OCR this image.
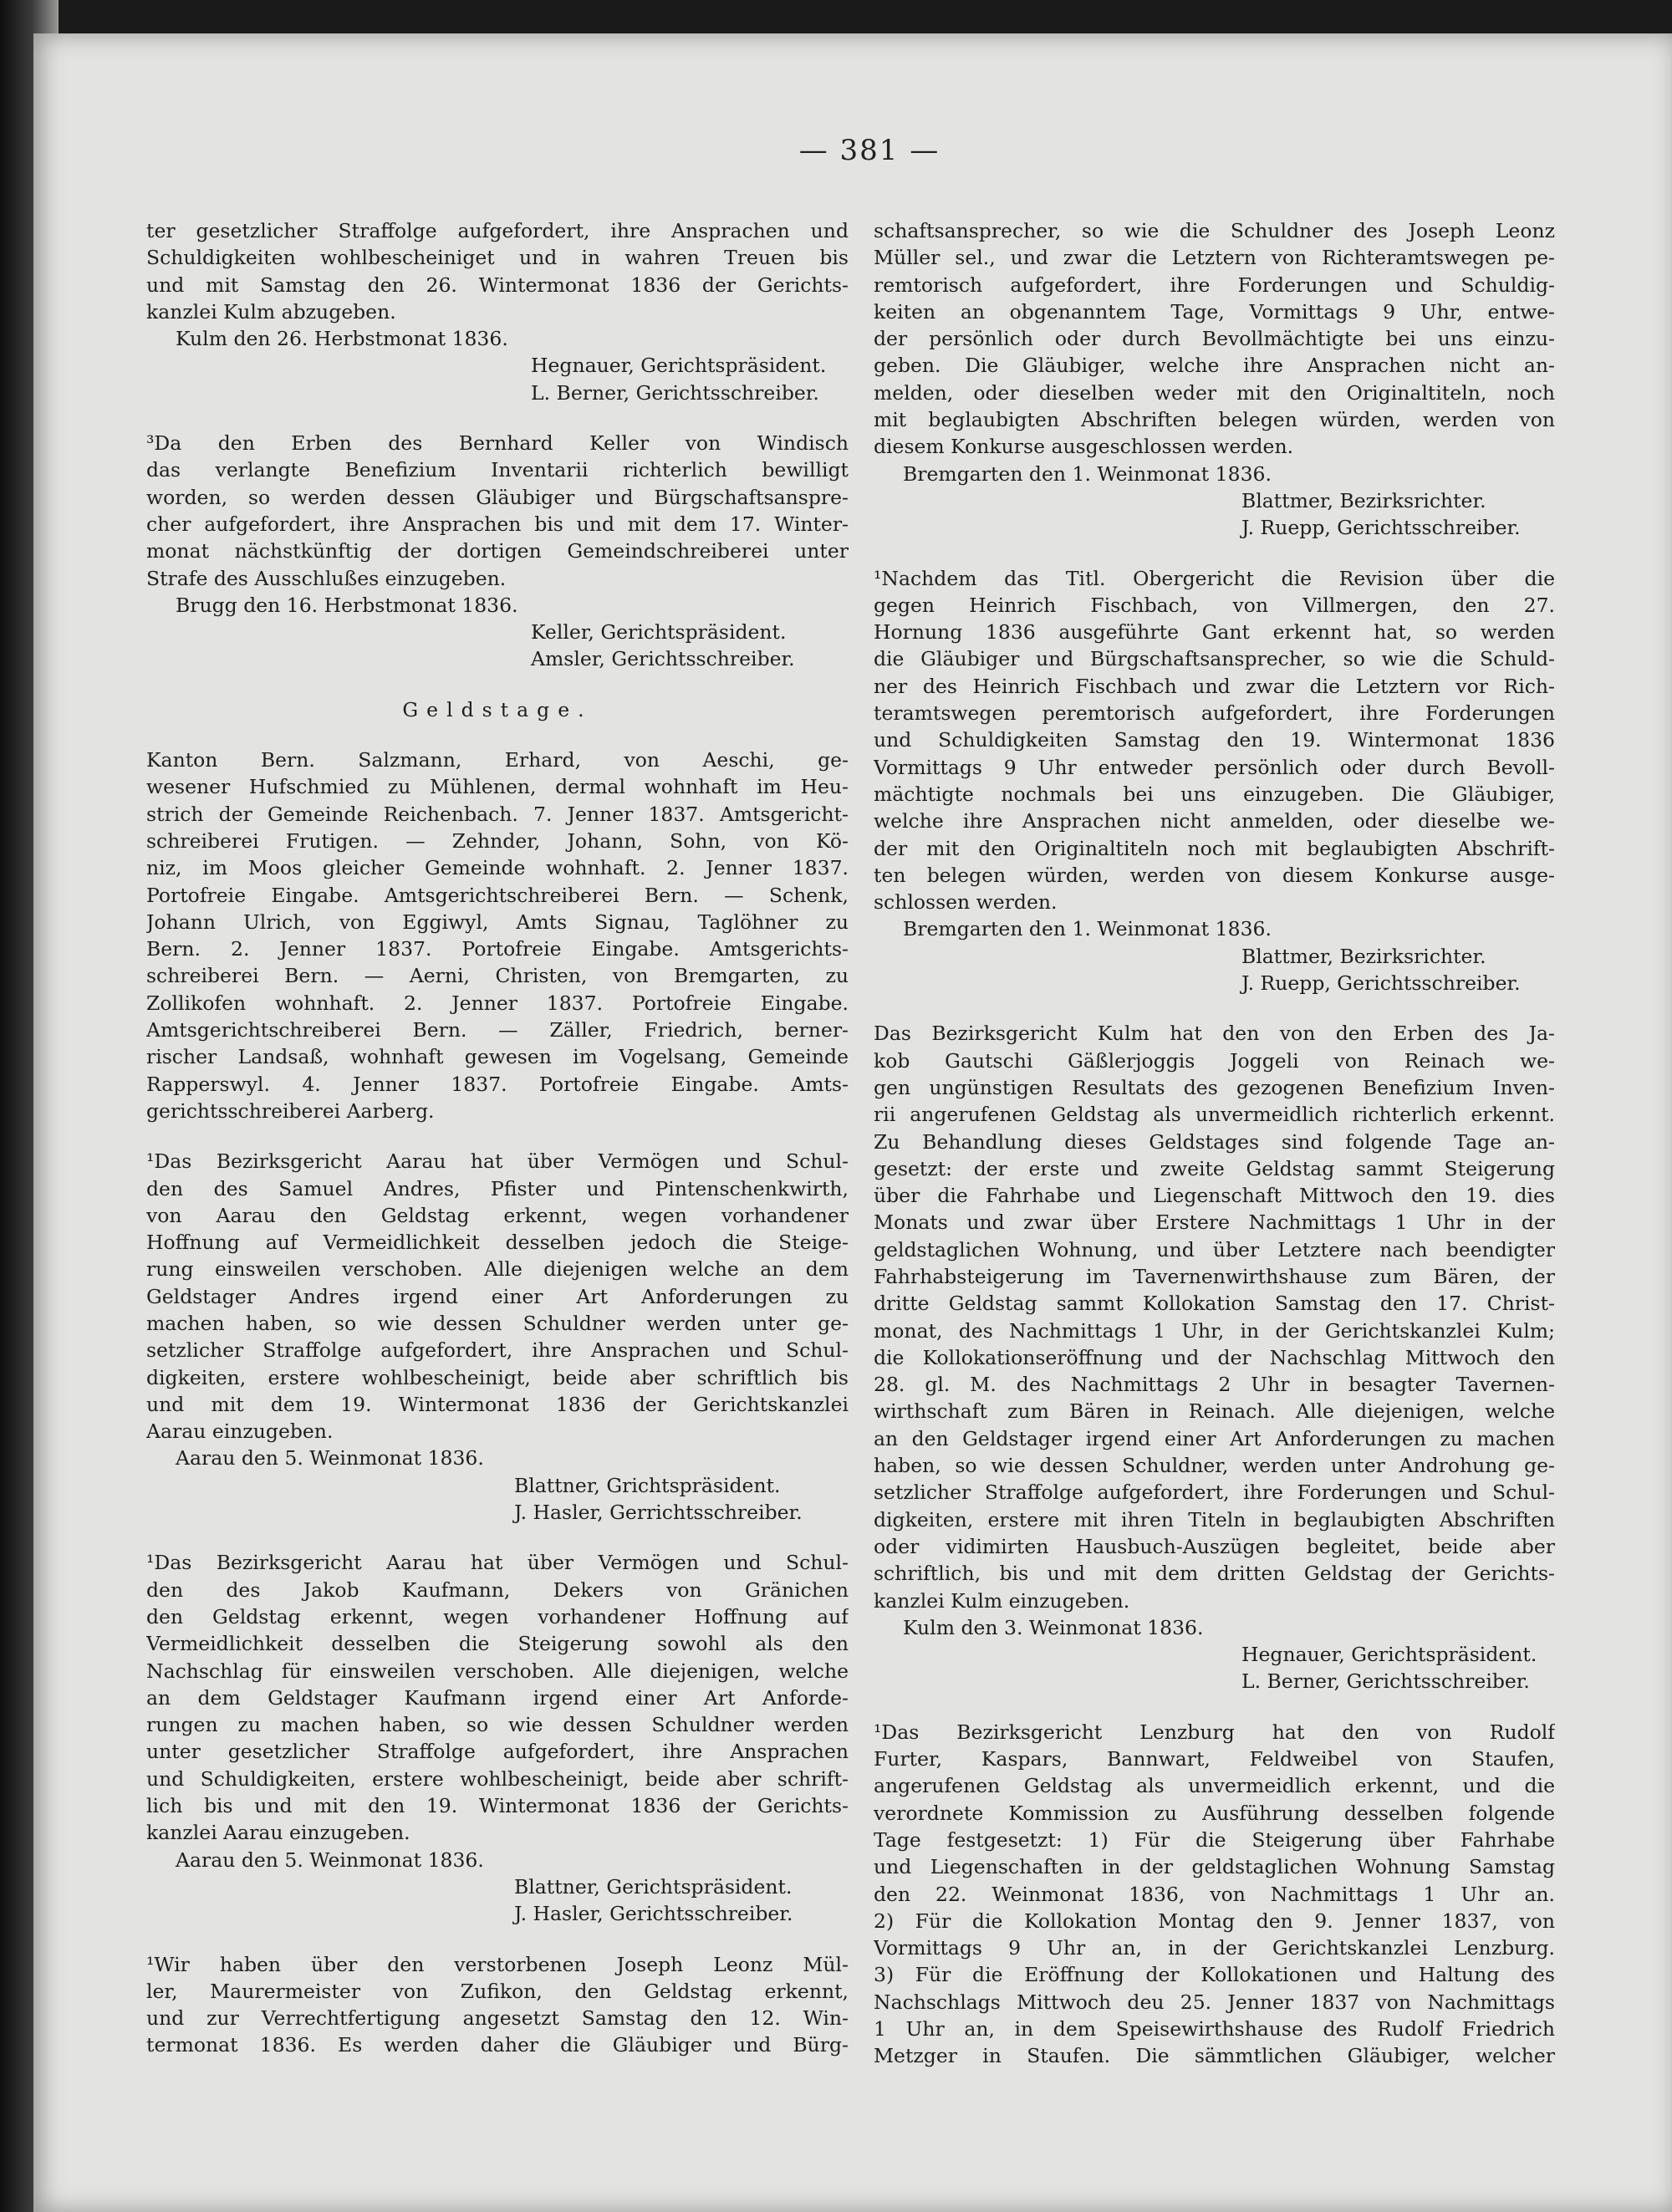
— 381 —
ter gesetzlicher Straffolge aufgefordert, ihre Ansprachen und
Schuldigkeiten wohlbescheiniget und in wahren Treuen bis
und mit Samstag den 26. Wintermonat 1836 der Gerichts-
kanzlei Kulm abzugeben.
Kulm den 26. Herbstmonat 1836.
Hegnauer, Gerichtspräsident.
L. Berner, Gerichtsschreiber.
³Da den Erben des Bernhard Keller von Windisch
das verlangte Benefizium Inventarii richterlich bewilligt
worden, so werden dessen Gläubiger und Bürgschaftsanspre-
cher aufgefordert, ihre Ansprachen bis und mit dem 17. Winter-
monat nächstkünftig der dortigen Gemeindschreiberei unter
Strafe des Ausschlußes einzugeben.
Brugg den 16. Herbstmonat 1836.
Keller, Gerichtspräsident.
Amsler, Gerichtsschreiber.
Geldstage.
Kanton Bern. Salzmann, Erhard, von Aeschi, ge-
wesener Hufschmied zu Mühlenen, dermal wohnhaft im Heu-
strich der Gemeinde Reichenbach. 7. Jenner 1837. Amtsgericht-
schreiberei Frutigen. — Zehnder, Johann, Sohn, von Kö-
niz, im Moos gleicher Gemeinde wohnhaft. 2. Jenner 1837.
Portofreie Eingabe. Amtsgerichtschreiberei Bern. — Schenk,
Johann Ulrich, von Eggiwyl, Amts Signau, Taglöhner zu
Bern. 2. Jenner 1837. Portofreie Eingabe. Amtsgerichts-
schreiberei Bern. — Aerni, Christen, von Bremgarten, zu
Zollikofen wohnhaft. 2. Jenner 1837. Portofreie Eingabe.
Amtsgerichtschreiberei Bern. — Zäller, Friedrich, berner-
rischer Landsaß, wohnhaft gewesen im Vogelsang, Gemeinde
Rapperswyl. 4. Jenner 1837. Portofreie Eingabe. Amts-
gerichtsschreiberei Aarberg.
¹Das Bezirksgericht Aarau hat über Vermögen und Schul-
den des Samuel Andres, Pfister und Pintenschenkwirth,
von Aarau den Geldstag erkennt, wegen vorhandener
Hoffnung auf Vermeidlichkeit desselben jedoch die Steige-
rung einsweilen verschoben. Alle diejenigen welche an dem
Geldstager Andres irgend einer Art Anforderungen zu
machen haben, so wie dessen Schuldner werden unter ge-
setzlicher Straffolge aufgefordert, ihre Ansprachen und Schul-
digkeiten, erstere wohlbescheinigt, beide aber schriftlich bis
und mit dem 19. Wintermonat 1836 der Gerichtskanzlei
Aarau einzugeben.
Aarau den 5. Weinmonat 1836.
Blattner, Grichtspräsident.
J. Hasler, Gerrichtsschreiber.
¹Das Bezirksgericht Aarau hat über Vermögen und Schul-
den des Jakob Kaufmann, Dekers von Gränichen
den Geldstag erkennt, wegen vorhandener Hoffnung auf
Vermeidlichkeit desselben die Steigerung sowohl als den
Nachschlag für einsweilen verschoben. Alle diejenigen, welche
an dem Geldstager Kaufmann irgend einer Art Anforde-
rungen zu machen haben, so wie dessen Schuldner werden
unter gesetzlicher Straffolge aufgefordert, ihre Ansprachen
und Schuldigkeiten, erstere wohlbescheinigt, beide aber schrift-
lich bis und mit den 19. Wintermonat 1836 der Gerichts-
kanzlei Aarau einzugeben.
Aarau den 5. Weinmonat 1836.
Blattner, Gerichtspräsident.
J. Hasler, Gerichtsschreiber.
¹Wir haben über den verstorbenen Joseph Leonz Mül-
ler, Maurermeister von Zufikon, den Geldstag erkennt,
und zur Verrechtfertigung angesetzt Samstag den 12. Win-
termonat 1836. Es werden daher die Gläubiger und Bürg-
schaftsansprecher, so wie die Schuldner des Joseph Leonz
Müller sel., und zwar die Letztern von Richteramtswegen pe-
remtorisch aufgefordert, ihre Forderungen und Schuldig-
keiten an obgenanntem Tage, Vormittags 9 Uhr, entwe-
der persönlich oder durch Bevollmächtigte bei uns einzu-
geben. Die Gläubiger, welche ihre Ansprachen nicht an-
melden, oder dieselben weder mit den Originaltiteln, noch
mit beglaubigten Abschriften belegen würden, werden von
diesem Konkurse ausgeschlossen werden.
Bremgarten den 1. Weinmonat 1836.
Blattmer, Bezirksrichter.
J. Ruepp, Gerichtsschreiber.
¹Nachdem das Titl. Obergericht die Revision über die
gegen Heinrich Fischbach, von Villmergen, den 27.
Hornung 1836 ausgeführte Gant erkennt hat, so werden
die Gläubiger und Bürgschaftsansprecher, so wie die Schuld-
ner des Heinrich Fischbach und zwar die Letztern vor Rich-
teramtswegen peremtorisch aufgefordert, ihre Forderungen
und Schuldigkeiten Samstag den 19. Wintermonat 1836
Vormittags 9 Uhr entweder persönlich oder durch Bevoll-
mächtigte nochmals bei uns einzugeben. Die Gläubiger,
welche ihre Ansprachen nicht anmelden, oder dieselbe we-
der mit den Originaltiteln noch mit beglaubigten Abschrift-
ten belegen würden, werden von diesem Konkurse ausge-
schlossen werden.
Bremgarten den 1. Weinmonat 1836.
Blattmer, Bezirksrichter.
J. Ruepp, Gerichtsschreiber.
Das Bezirksgericht Kulm hat den von den Erben des Ja-
kob Gautschi Gäßlerjoggis Joggeli von Reinach we-
gen ungünstigen Resultats des gezogenen Benefizium Inven-
rii angerufenen Geldstag als unvermeidlich richterlich erkennt.
Zu Behandlung dieses Geldstages sind folgende Tage an-
gesetzt: der erste und zweite Geldstag sammt Steigerung
über die Fahrhabe und Liegenschaft Mittwoch den 19. dies
Monats und zwar über Erstere Nachmittags 1 Uhr in der
geldstaglichen Wohnung, und über Letztere nach beendigter
Fahrhabsteigerung im Tavernenwirthshause zum Bären, der
dritte Geldstag sammt Kollokation Samstag den 17. Christ-
monat, des Nachmittags 1 Uhr, in der Gerichtskanzlei Kulm;
die Kollokationseröffnung und der Nachschlag Mittwoch den
28. gl. M. des Nachmittags 2 Uhr in besagter Tavernen-
wirthschaft zum Bären in Reinach. Alle diejenigen, welche
an den Geldstager irgend einer Art Anforderungen zu machen
haben, so wie dessen Schuldner, werden unter Androhung ge-
setzlicher Straffolge aufgefordert, ihre Forderungen und Schul-
digkeiten, erstere mit ihren Titeln in beglaubigten Abschriften
oder vidimirten Hausbuch-Auszügen begleitet, beide aber
schriftlich, bis und mit dem dritten Geldstag der Gerichts-
kanzlei Kulm einzugeben.
Kulm den 3. Weinmonat 1836.
Hegnauer, Gerichtspräsident.
L. Berner, Gerichtsschreiber.
¹Das Bezirksgericht Lenzburg hat den von Rudolf
Furter, Kaspars, Bannwart, Feldweibel von Staufen,
angerufenen Geldstag als unvermeidlich erkennt, und die
verordnete Kommission zu Ausführung desselben folgende
Tage festgesetzt: 1) Für die Steigerung über Fahrhabe
und Liegenschaften in der geldstaglichen Wohnung Samstag
den 22. Weinmonat 1836, von Nachmittags 1 Uhr an.
2) Für die Kollokation Montag den 9. Jenner 1837, von
Vormittags 9 Uhr an, in der Gerichtskanzlei Lenzburg.
3) Für die Eröffnung der Kollokationen und Haltung des
Nachschlags Mittwoch deu 25. Jenner 1837 von Nachmittags
1 Uhr an, in dem Speisewirthshause des Rudolf Friedrich
Metzger in Staufen. Die sämmtlichen Gläubiger, welcher
